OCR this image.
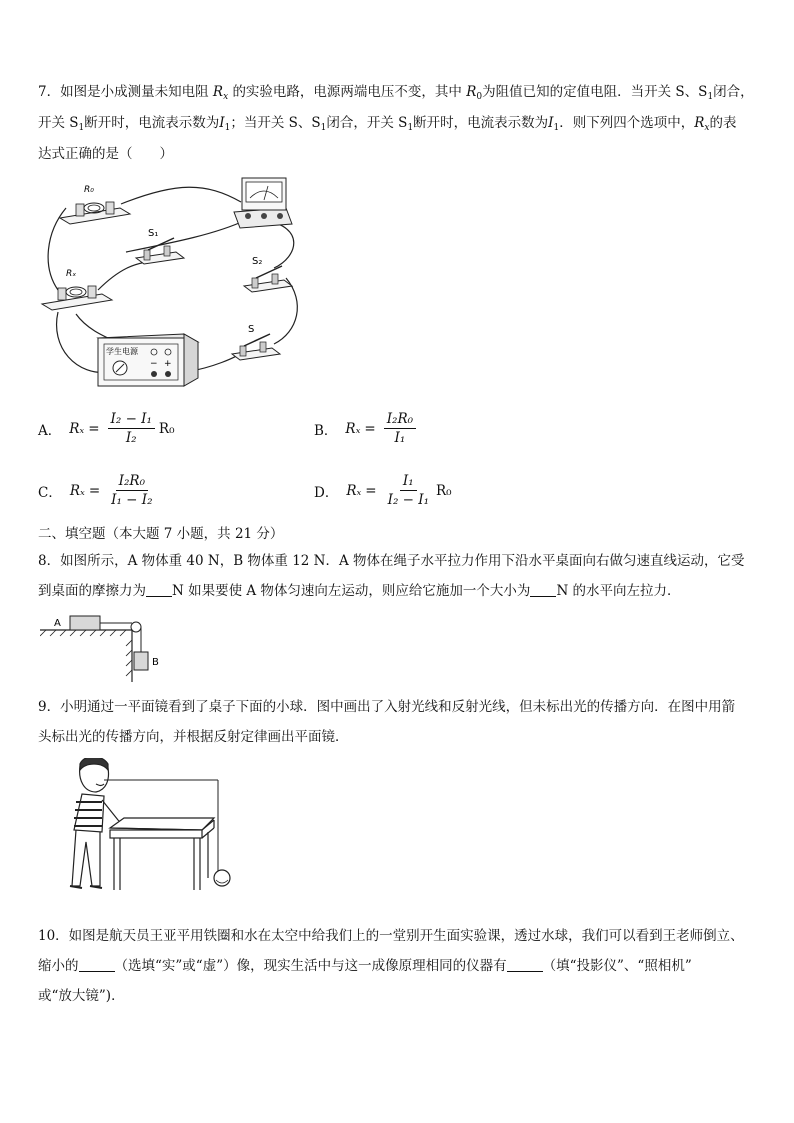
7．如图是小成测量未知电阻 $R_x$ 的实验电路，电源两端电压不变，其中 $R_0$为阻值已知的定值电阻．当开关 S、$S_1$闭合，
开关 $S_1$断开时，电流表示数为$I_1$；当开关 S、$S_1$闭合，开关 $S_1$断开时，电流表示数为$I_1$．则下列四个选项中，$R_x$的表
达式正确的是（　　）
R₀
S₁
Rₓ
S₂
S
学生电源
− +
A． $R_x = \frac{\text{I₂ − I₁}}{\text{I₂}} R_0$	B． $R_x = \frac{\text{I₂R₀}}{\text{I₁}}$
C． $R_x = \frac{\text{I₂R₀}}{\text{I₁ − I₂}}$	D． $R_x = \frac{\text{I₁}}{\text{I₂ − I₁}} R_0$
二、填空题（本大题 7 小题，共 21 分）
8．如图所示，A 物体重 40 N，B 物体重 12 N．A 物体在绳子水平拉力作用下沿水平桌面向右做匀速直线运动，它受
到桌面的摩擦力为 N 如果要使 A 物体匀速向左运动，则应给它施加一个大小为 N 的水平向左拉力．
A
B
9．小明通过一平面镜看到了桌子下面的小球．图中画出了入射光线和反射光线，但未标出光的传播方向．在图中用箭
头标出光的传播方向，并根据反射定律画出平面镜．
10．如图是航天员王亚平用铁圈和水在太空中给我们上的一堂别开生面实验课，透过水球，我们可以看到王老师倒立、
缩小的	（选填“实”或“虚”）像，现实生活中与这一成像原理相同的仪器有	（填“投影仪”、“照相机”
或“放大镜”)．
